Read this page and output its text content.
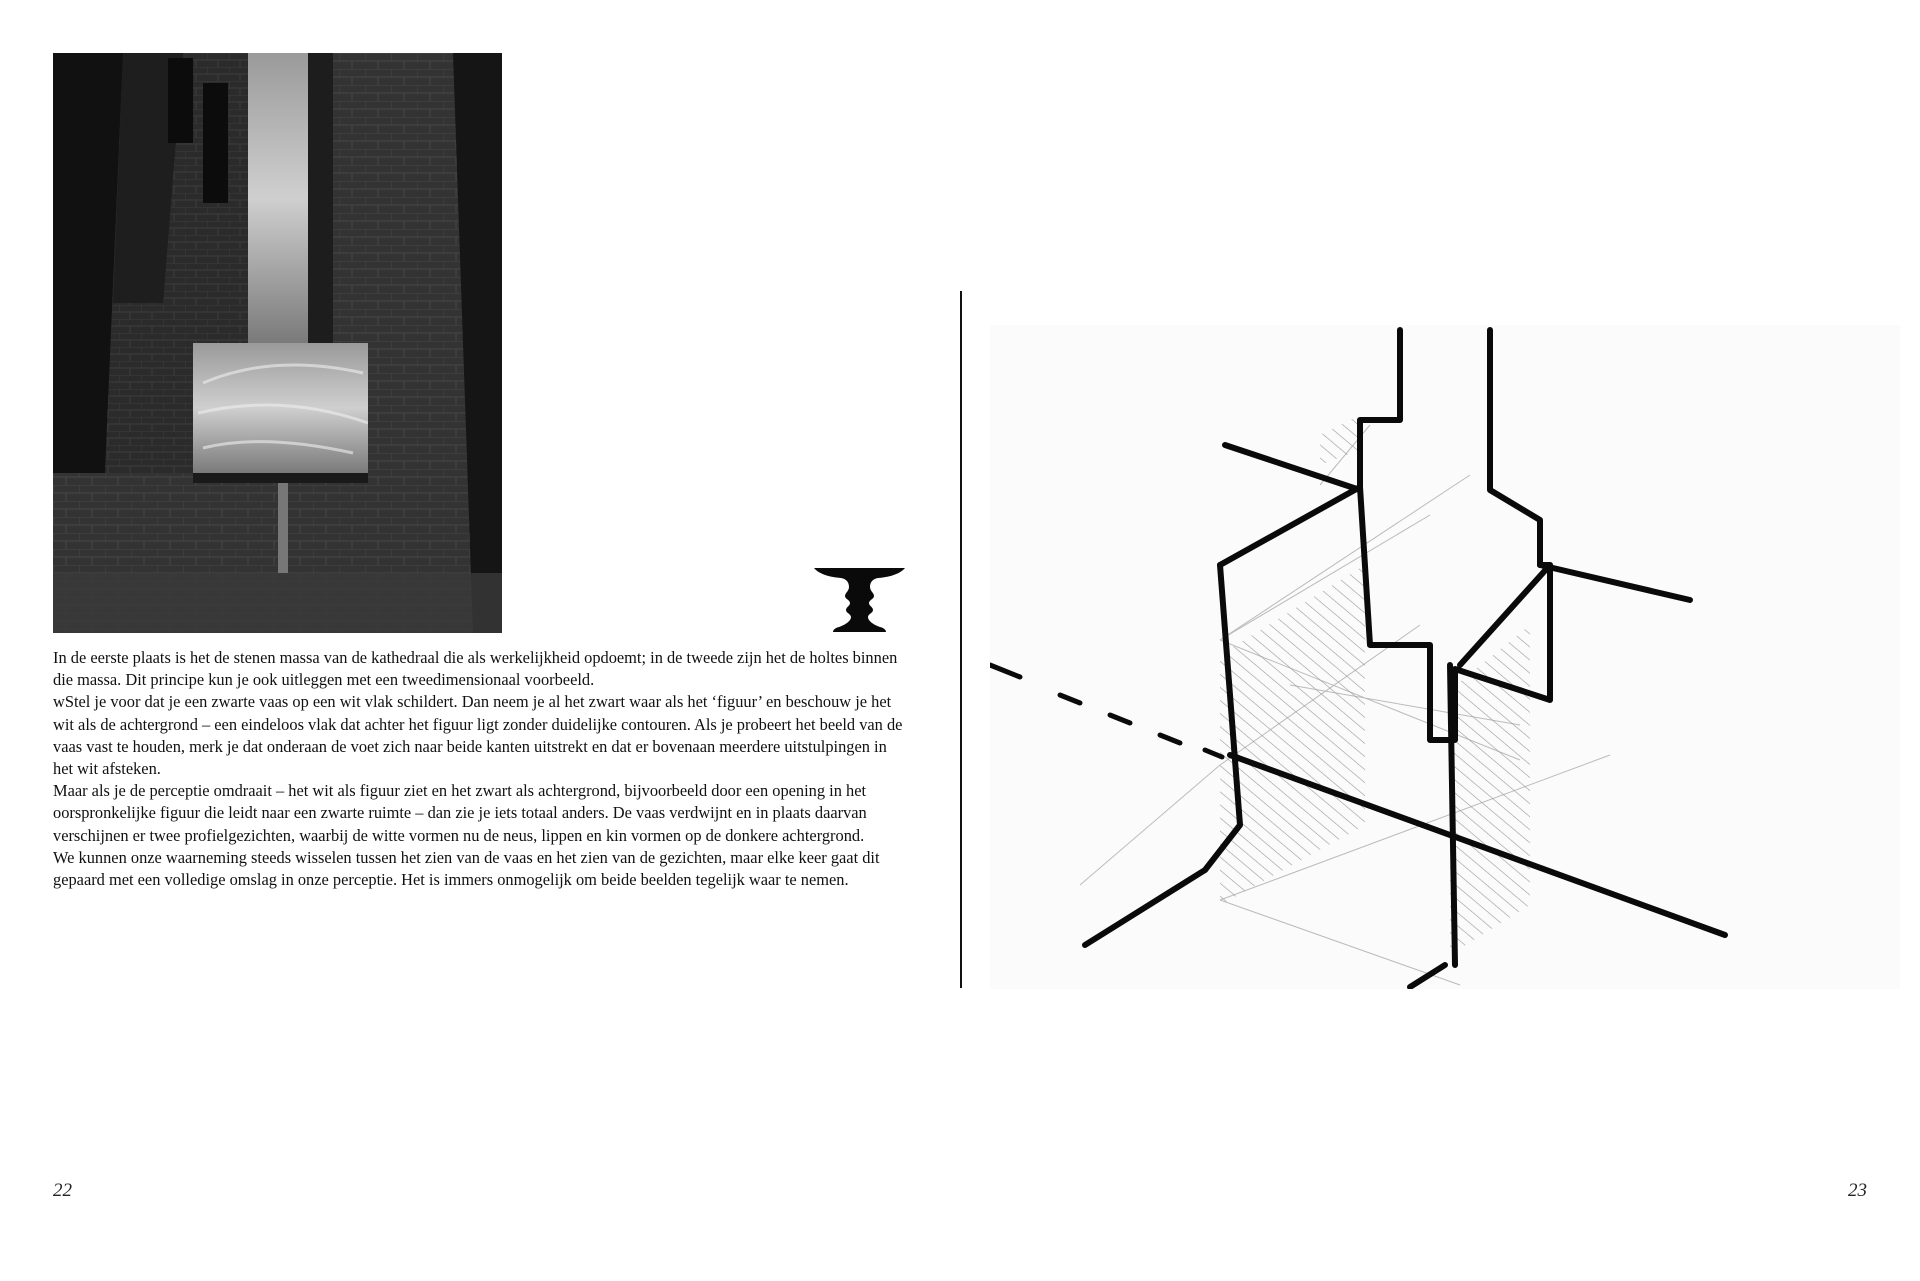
In de eerste plaats is het de stenen massa van de kathedraal die als werkelijkheid opdoemt; in de tweede zijn het de holtes binnen die massa. Dit principe kun je ook uitleggen met een tweedimensionaal voorbeeld.

wStel je voor dat je een zwarte vaas op een wit vlak schildert. Dan neem je al het zwart waar als het ‘figuur’ en beschouw je het wit als de achtergrond – een eindeloos vlak dat achter het figuur ligt zonder duidelijke contouren. Als je probeert het beeld van de vaas vast te houden, merk je dat onderaan de voet zich naar beide kanten uitstrekt en dat er bovenaan meerdere uitstulpingen in het wit afsteken.

Maar als je de perceptie omdraait – het wit als figuur ziet en het zwart als achtergrond, bijvoorbeeld door een opening in het oorspronkelijke figuur die leidt naar een zwarte ruimte – dan zie je iets totaal anders. De vaas verdwijnt en in plaats daarvan verschijnen er twee profielgezichten, waarbij de witte vormen nu de neus, lippen en kin vormen op de donkere achtergrond.

We kunnen onze waarneming steeds wisselen tussen het zien van de vaas en het zien van de gezichten, maar elke keer gaat dit gepaard met een volledige omslag in onze perceptie. Het is immers onmogelijk om beide beelden tegelijk waar te nemen.

22	23
